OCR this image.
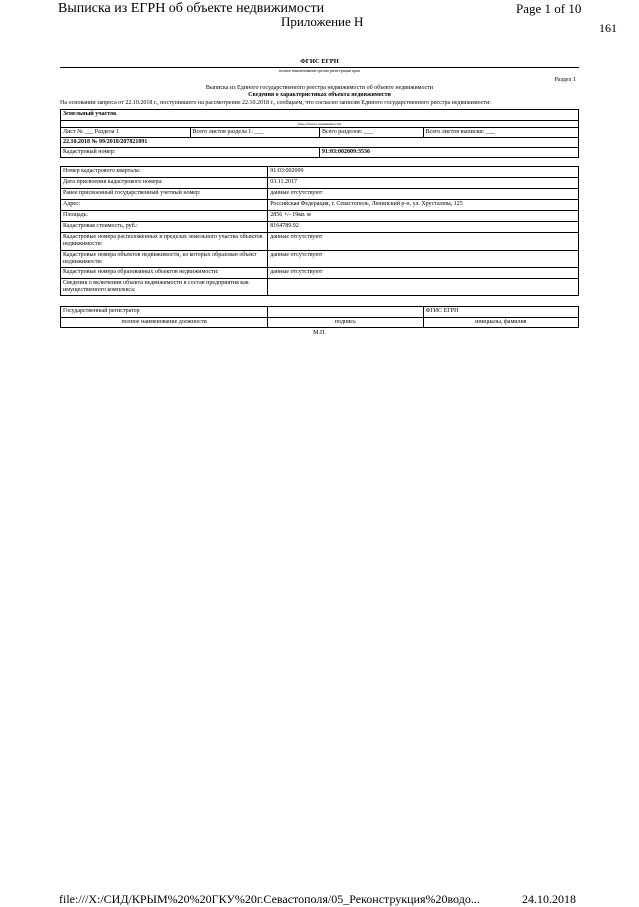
Выписка из ЕГРН об объекте недвижимости	Page 1 of 10
Приложение Н	161
ФГИС ЕГРН
полное наименование органа регистрации прав
Раздел 1
Выписка из Единого государственного реестра недвижимости об объекте недвижимости
Сведения о характеристиках объекта недвижимости
На основании запроса от 22.10.2018 г., поступившего на рассмотрение 22.10.2018 г., сообщаем, что согласно записям Единого государственного реестра недвижимости:
Земельный участок			
(вид объекта недвижимости)			
Лист № ___ Раздела 1	Всего листов раздела 1: ___	Всего разделов: ___	Всего листов выписки: ___
22.10.2018 № 99/2018/207821091			
Кадастровый номер:		91:03:002009:3536	
Номер кадастрового квартала:	91:03:002009
Дата присвоения кадастрового номера:	03.11.2017
Ранее присвоенный государственный учетный номер:	данные отсутствуют
Адрес:	Российская Федерация, г. Севастополь, Ленинский р-н, ул. Хрусталева, 125
Площадь:	2856 +/- 19кв. м
Кадастровая стоимость, руб.:	8164789.92
Кадастровые номера расположенных в пределах земельного участка объектов недвижимости:	данные отсутствуют
Кадастровые номера объектов недвижимости, из которых образован объект недвижимости:	данные отсутствуют
Кадастровые номера образованных объектов недвижимости:	данные отсутствуют
Сведения о включении объекта недвижимости в состав предприятия как имущественного комплекса:	
Государственный регистратор		ФГИС ЕГРН
полное наименование должности	подпись	инициалы, фамилия
М.П.
file:///X:/СИД/КРЫМ%20%20ГКУ%20г.Севастополя/05_Реконструкция%20водо...	24.10.2018
